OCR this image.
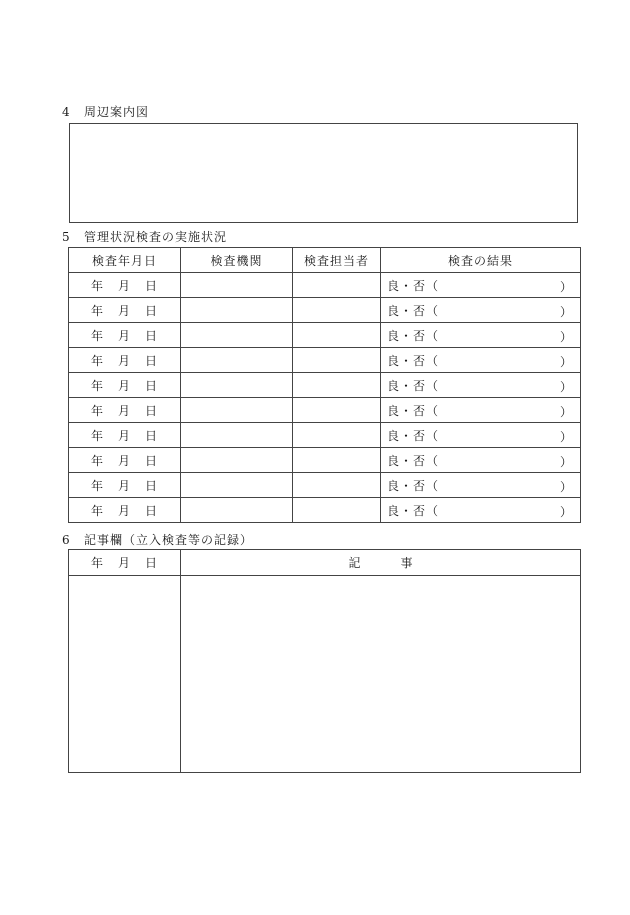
4 周辺案内図
5 管理状況検査の実施状況
検査年月日	検査機関	検査担当者	検査の結果
年 月 日			良・否（ ）

年 月 日			良・否（ ）

年 月 日			良・否（ ）

年 月 日			良・否（ ）

年 月 日			良・否（ ）

年 月 日			良・否（ ）

年 月 日			良・否（ ）

年 月 日			良・否（ ）

年 月 日			良・否（ ）

年 月 日			良・否（ ）
6 記事欄（立入検査等の記録）
年 月 日	記 事
